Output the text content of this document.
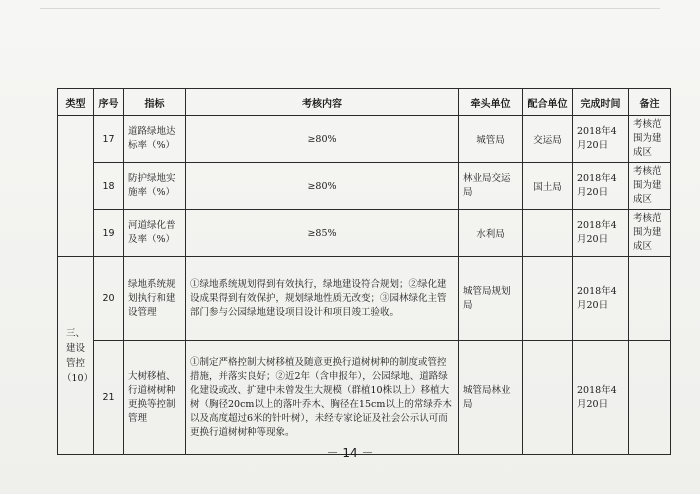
类型	序号	指标	考核内容	牵头单位	配合单位	完成时间	备注
	17	道路绿地达标率（%）	≥80%	城管局	交运局	2018年4月20日	考核范围为建成区
	18	防护绿地实施率（%）	≥80%	林业局交运局	国土局	2018年4月20日	考核范围为建成区
	19	河道绿化普及率（%）	≥85%	水利局		2018年4月20日	考核范围为建成区
三、建设管控（10）	20	绿地系统规划执行和建设管理	①绿地系统规划得到有效执行，绿地建设符合规划；②绿化建设成果得到有效保护，规划绿地性质无改变；③园林绿化主管部门参与公园绿地建设项目设计和项目竣工验收。	城管局规划局		2018年4月20日	
	21	大树移植、行道树树种更换等控制管理	①制定严格控制大树移植及随意更换行道树树种的制度或管控措施，并落实良好；②近2年（含申报年），公园绿地、道路绿化建设或改、扩建中未曾发生大规模（群植10株以上）移植大树（胸径20cm以上的落叶乔木、胸径在15cm以上的常绿乔木以及高度超过6米的针叶树），未经专家论证及社会公示认可而更换行道树树种等现象。	城管局林业局		2018年4月20日	
－ 14 －
